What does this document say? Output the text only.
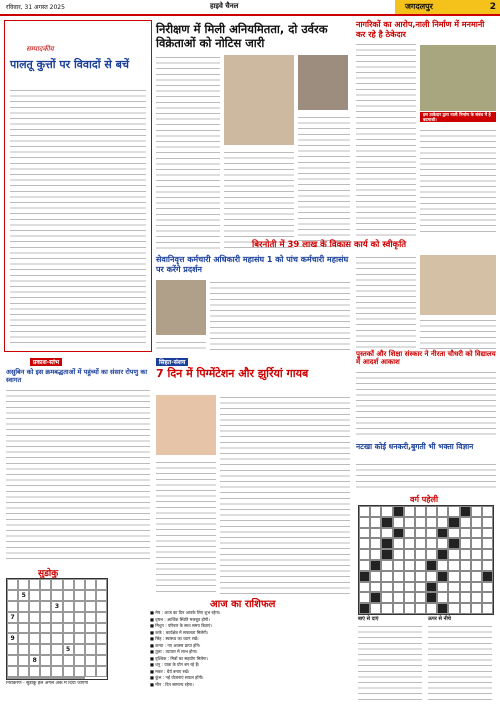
रविवार, 31 अगस्त 2025	हाइवे चैनल	जगदलपुर	2
सम्पादकीय
पालतू कुत्तों पर विवादों से बचें
निरीक्षण में मिली अनियमितता, दो उर्वरक विक्रेताओं को नोटिस जारी
नागरिकों का आरोप,नाली निर्माण में मनमानी कर रहे है ठेकेदार
इस ठाकेदार द्वारा नाली निर्माण के संबंध में है बदमाशी।
सेवानिवृत्त कर्मचारी अधिकारी महासंघ 1 को पांच कर्मचारी महासंघ पर करेंगे प्रदर्शन
बिरनोती में 39 लाख के विकास कार्य को स्वीकृति
पुस्तकों और शिक्षा संस्कार ने नीरता चौधरी को विद्यालय में आदर्श आकाश
नटखा कोई धनकरी,बुगती भी भक्ता विज्ञान
प्रकाश-स्तंभ
असुबिन को इस क्रमबद्धताओं में पहुंच्यों का संसार रोपणु का स्वागत
सिहत-संशय
7 दिन में पिग्मेंटेशन और झुर्रियां गायब
सुडोकु
5
3
7
9
5
8
निराकरण - सुडोकु हल अगले अंक में दिया जाएगा
आज का राशिफल

■ मेष : आज का दिन आपके लिए शुभ रहेगा।

■ वृषभ : आर्थिक स्थिति मजबूत होगी।

■ मिथुन : परिवार के साथ समय बिताएं।

■ कर्क : कार्यक्षेत्र में सफलता मिलेगी।

■ सिंह : स्वास्थ्य का ध्यान रखें।

■ कन्या : नए अवसर प्राप्त होंगे।

■ तुला : व्यापार में लाभ होगा।

■ वृश्चिक : मित्रों का सहयोग मिलेगा।

■ धनु : यात्रा के योग बन रहे हैं।

■ मकर : धैर्य बनाए रखें।

■ कुंभ : नई योजनाएं सफल होंगी।

■ मीन : दिन सामान्य रहेगा।

वर्ग पहेली
बाएं से दाएं	ऊपर से नीचे
